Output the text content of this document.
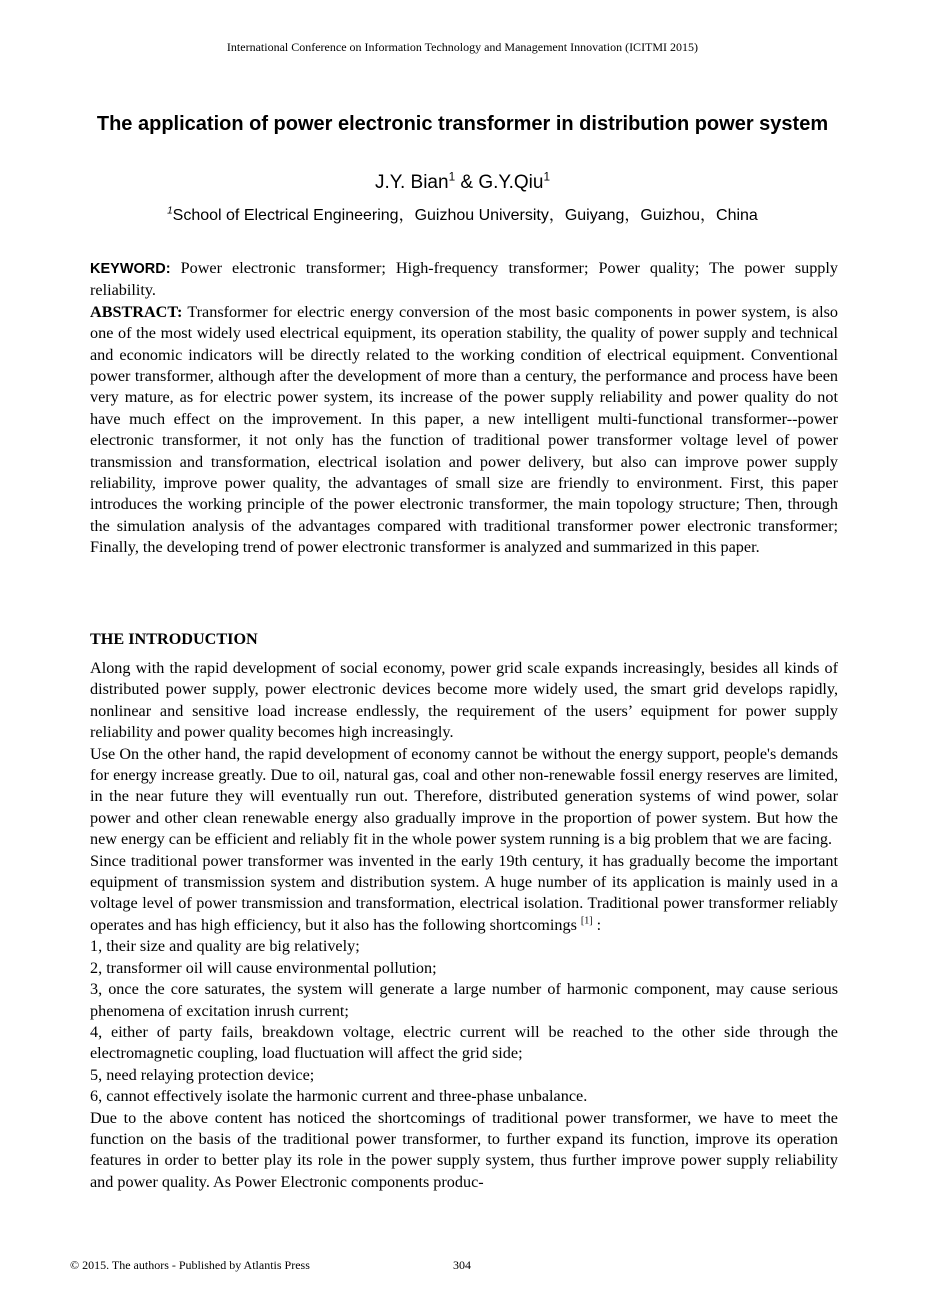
International Conference on Information Technology and Management Innovation (ICITMI 2015)
The application of power electronic transformer in distribution power system
J.Y. Bian$^1$ & G.Y.Qiu$^1$
$^1$School of Electrical Engineering，Guizhou University，Guiyang，Guizhou，China

KEYWORD: Power electronic transformer; High-frequency transformer; Power quality; The power supply reliability.

ABSTRACT: Transformer for electric energy conversion of the most basic components in power system, is also one of the most widely used electrical equipment, its operation stability, the quality of power supply and technical and economic indicators will be directly related to the working condition of electrical equipment. Conventional power transformer, although after the development of more than a century, the performance and process have been very mature, as for electric power system, its increase of the power supply reliability and power quality do not have much effect on the improvement. In this paper, a new intelligent multi-functional transformer--power electronic transformer, it not only has the function of traditional power transformer voltage level of power transmission and transformation, electrical isolation and power delivery, but also can improve power supply reliability, improve power quality, the advantages of small size are friendly to environment. First, this paper introduces the working principle of the power electronic transformer, the main topology structure; Then, through the simulation analysis of the advantages compared with traditional transformer power electronic transformer; Finally, the developing trend of power electronic transformer is analyzed and summarized in this paper.

THE INTRODUCTION

Along with the rapid development of social economy, power grid scale expands increasingly, besides all kinds of distributed power supply, power electronic devices become more widely used, the smart grid develops rapidly, nonlinear and sensitive load increase endlessly, the requirement of the users’ equipment for power supply reliability and power quality becomes high increasingly.

Use On the other hand, the rapid development of economy cannot be without the energy support, people's demands for energy increase greatly. Due to oil, natural gas, coal and other non-renewable fossil energy reserves are limited, in the near future they will eventually run out. Therefore, distributed generation systems of wind power, solar power and other clean renewable energy also gradually improve in the proportion of power system. But how the new energy can be efficient and reliably fit in the whole power system running is a big problem that we are facing.

Since traditional power transformer was invented in the early 19th century, it has gradually become the important equipment of transmission system and distribution system. A huge number of its application is mainly used in a voltage level of power transmission and transformation, electrical isolation. Traditional power transformer reliably operates and has high efficiency, but it also has the following shortcomings [1] :

1, their size and quality are big relatively;

2, transformer oil will cause environmental pollution;

3, once the core saturates, the system will generate a large number of harmonic component, may cause serious phenomena of excitation inrush current;

4, either of party fails, breakdown voltage, electric current will be reached to the other side through the electromagnetic coupling, load fluctuation will affect the grid side;

5, need relaying protection device;

6, cannot effectively isolate the harmonic current and three-phase unbalance.

Due to the above content has noticed the shortcomings of traditional power transformer, we have to meet the function on the basis of the traditional power transformer, to further expand its function, improve its operation features in order to better play its role in the power supply system, thus further improve power supply reliability and power quality. As Power Electronic components produc-

© 2015. The authors - Published by Atlantis Press	304
